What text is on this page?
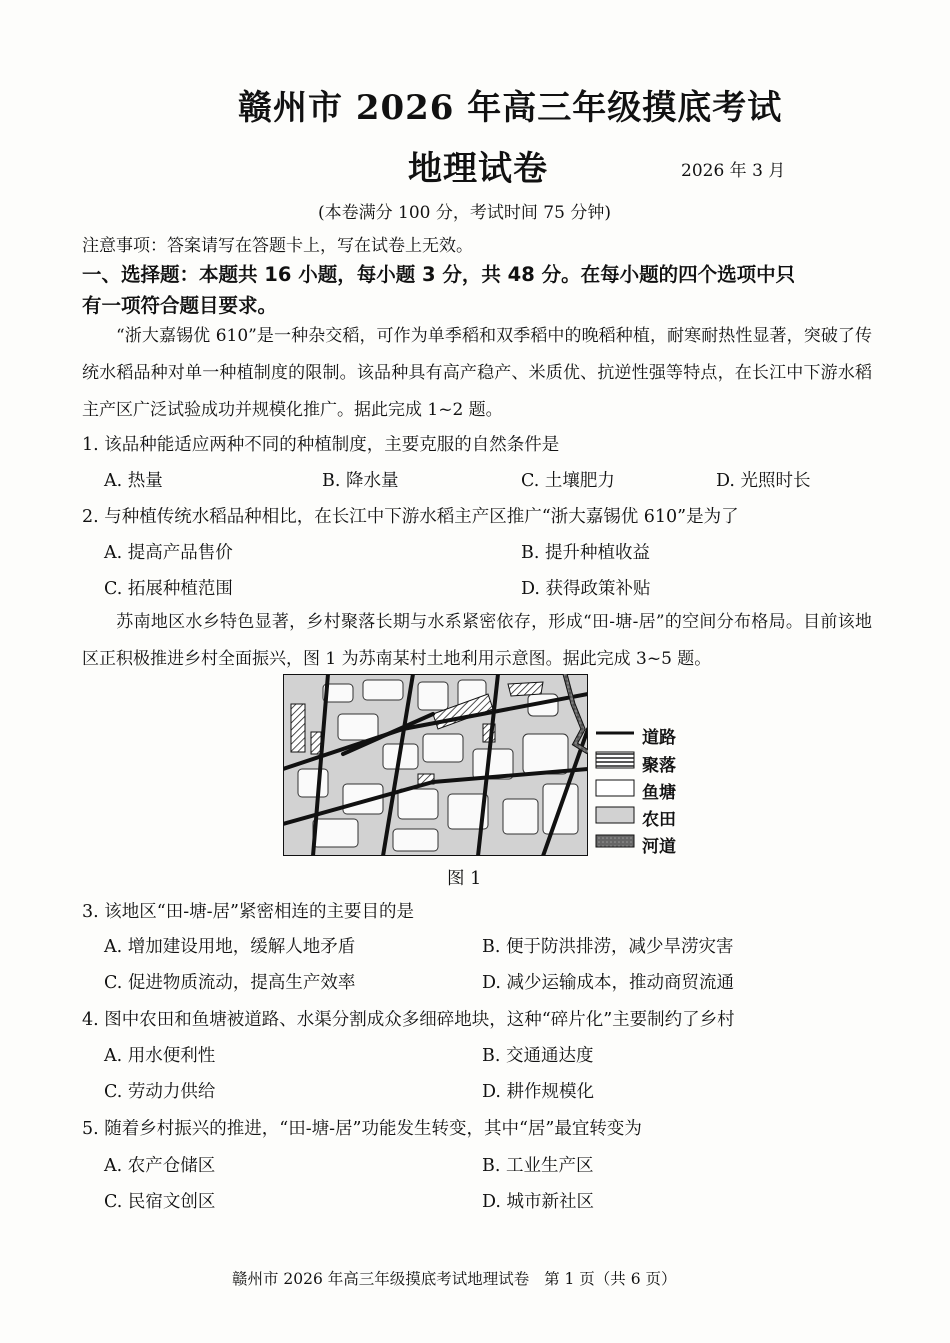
赣州市 2026 年高三年级摸底考试
地理试卷	2026 年 3 月
(本卷满分 100 分，考试时间 75 分钟)
注意事项：答案请写在答题卡上，写在试卷上无效。
一、选择题：本题共 16 小题，每小题 3 分，共 48 分。在每小题的四个选项中只
有一项符合题目要求。
“浙大嘉锡优 610”是一种杂交稻，可作为单季稻和双季稻中的晚稻种植，耐寒耐热性显著，突破了传统水稻品种对单一种植制度的限制。该品种具有高产稳产、米质优、抗逆性强等特点，在长江中下游水稻主产区广泛试验成功并规模化推广。据此完成 1~2 题。
1. 该品种能适应两种不同的种植制度，主要克服的自然条件是
A. 热量	B. 降水量	C. 土壤肥力	D. 光照时长
2. 与种植传统水稻品种相比，在长江中下游水稻主产区推广“浙大嘉锡优 610”是为了
A. 提高产品售价	B. 提升种植收益
C. 拓展种植范围	D. 获得政策补贴
苏南地区水乡特色显著，乡村聚落长期与水系紧密依存，形成“田-塘-居”的空间分布格局。目前该地区正积极推进乡村全面振兴，图 1 为苏南某村土地利用示意图。据此完成 3~5 题。
道路
聚落
鱼塘
农田
河道
图 1
3. 该地区“田-塘-居”紧密相连的主要目的是
A. 增加建设用地，缓解人地矛盾	B. 便于防洪排涝，减少旱涝灾害
C. 促进物质流动，提高生产效率	D. 减少运输成本，推动商贸流通
4. 图中农田和鱼塘被道路、水渠分割成众多细碎地块，这种“碎片化”主要制约了乡村
A. 用水便利性	B. 交通通达度
C. 劳动力供给	D. 耕作规模化
5. 随着乡村振兴的推进，“田-塘-居”功能发生转变，其中“居”最宜转变为
A. 农产仓储区	B. 工业生产区
C. 民宿文创区	D. 城市新社区
赣州市 2026 年高三年级摸底考试地理试卷   第 1 页（共 6 页）
